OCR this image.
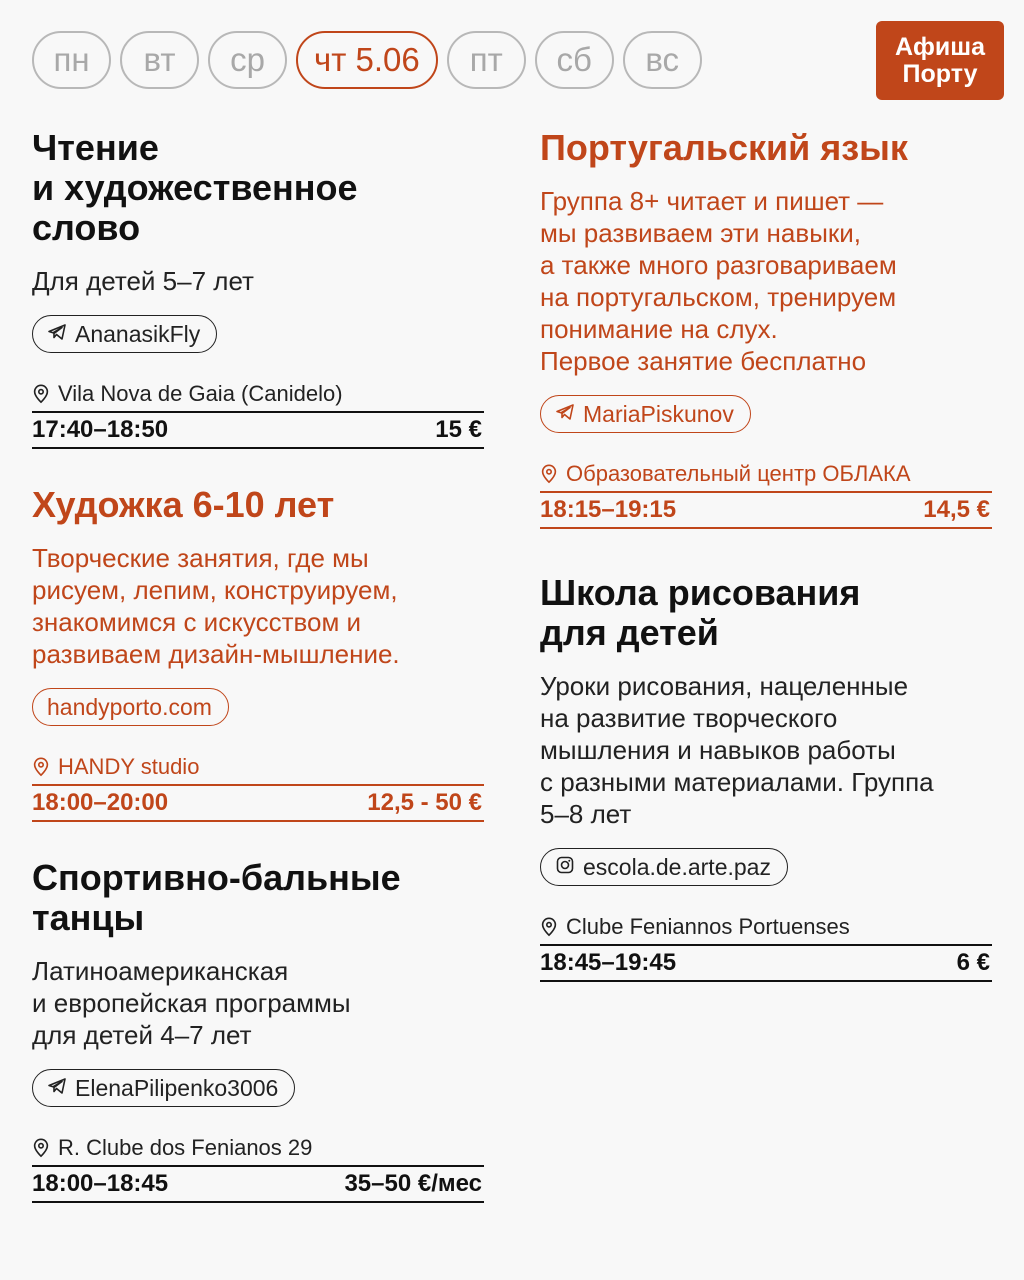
пн	вт	ср	чт 5.06	пт	сб	вс	Афиша
Порту
Чтение
и художественное
слово
Для детей 5–7 лет
AnanasikFly
Vila Nova de Gaia (Canidelo)
17:40–18:50	15 €
Художка 6-10 лет
Творческие занятия, где мы
рисуем, лепим, конструируем,
знакомимся с искусством и
развиваем дизайн-мышление.
handyporto.com
HANDY studio
18:00–20:00	12,5 - 50 €
Спортивно-бальные
танцы
Латиноамериканская
и европейская программы
для детей 4–7 лет
ElenaPilipenko3006
R. Clube dos Fenianos 29
18:00–18:45	35–50 €/мес
Португальский язык
Группа 8+ читает и пишет —
мы развиваем эти навыки,
а также много разговариваем
на португальском, тренируем
понимание на слух.
Первое занятие бесплатно
MariaPiskunov
Образовательный центр ОБЛАКА
18:15–19:15	14,5 €
Школа рисования
для детей
Уроки рисования, нацеленные
на развитие творческого
мышления и навыков работы
с разными материалами. Группа
5–8 лет
escola.de.arte.paz
Clube Feniannos Portuenses
18:45–19:45	6 €
